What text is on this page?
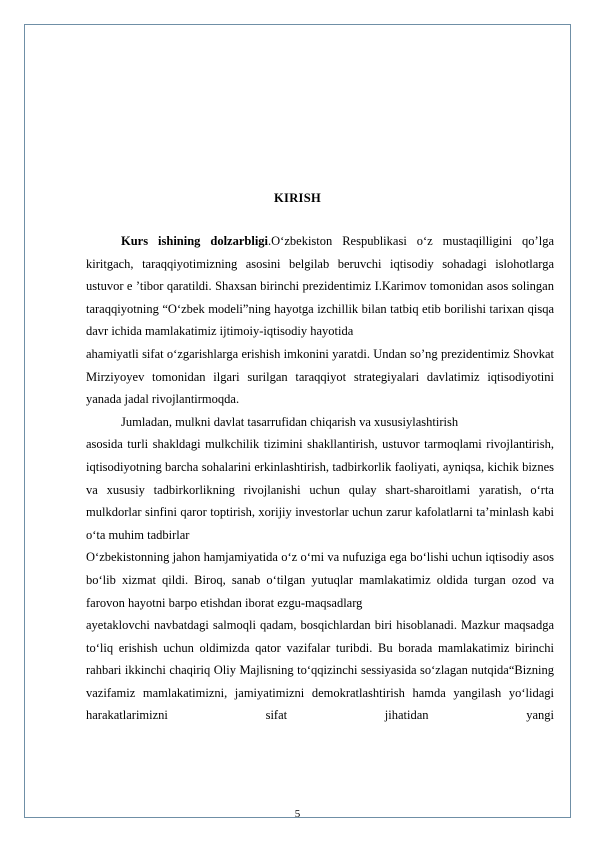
KIRISH

Kurs ishining dolzarbligi.O‘zbekiston Respublikasi o‘z mustaqilligini qo’lga kiritgach, taraqqiyotimizning asosini belgilab beruvchi iqtisodiy sohadagi islohotlarga ustuvor e ’tibor qaratildi. Shaxsan birinchi prezidentimiz I.Karimov tomonidan asos solingan taraqqiyotning “O‘zbek modeli”ning hayotga izchillik bilan tatbiq etib borilishi tarixan qisqa davr ichida mamlakatimiz ijtimoiy-iqtisodiy hayotida

ahamiyatli sifat o‘zgarishlarga erishish imkonini yaratdi. Undan so’ng prezidentimiz Shovkat Mirziyoyev tomonidan ilgari surilgan taraqqiyot strategiyalari davlatimiz iqtisodiyotini yanada jadal rivojlantirmoqda.

Jumladan, mulkni davlat tasarrufidan chiqarish va xususiylashtirish

asosida turli shakldagi mulkchilik tizimini shakllantirish, ustuvor tarmoqlami rivojlantirish, iqtisodiyotning barcha sohalarini erkinlashtirish, tadbirkorlik faoliyati, ayniqsa, kichik biznes va xususiy tadbirkorlikning rivojlanishi uchun qulay shart-sharoitlami yaratish, o‘rta mulkdorlar sinfini qaror toptirish, xorijiy investorlar uchun zarur kafolatlarni ta’minlash kabi o‘ta muhim tadbirlar

O‘zbekistonning jahon hamjamiyatida o‘z o‘mi va nufuziga ega bo‘lishi uchun iqtisodiy asos bo‘lib xizmat qildi. Biroq, sanab o‘tilgan yutuqlar mamlakatimiz oldida turgan ozod va farovon hayotni barpo etishdan iborat ezgu-maqsadlarg

ayetaklovchi navbatdagi salmoqli qadam, bosqichlardan biri hisoblanadi. Mazkur maqsadga to‘liq erishish uchun oldimizda qator vazifalar turibdi. Bu borada mamlakatimiz birinchi rahbari ikkinchi chaqiriq Oliy Majlisning to‘qqizinchi sessiyasida so‘zlagan nutqida“Bizning vazifamiz mamlakatimizni, jamiyatimizni demokratlashtirish hamda yangilash yo‘lidagi harakatlarimizni sifat jihatidan yangi

5
